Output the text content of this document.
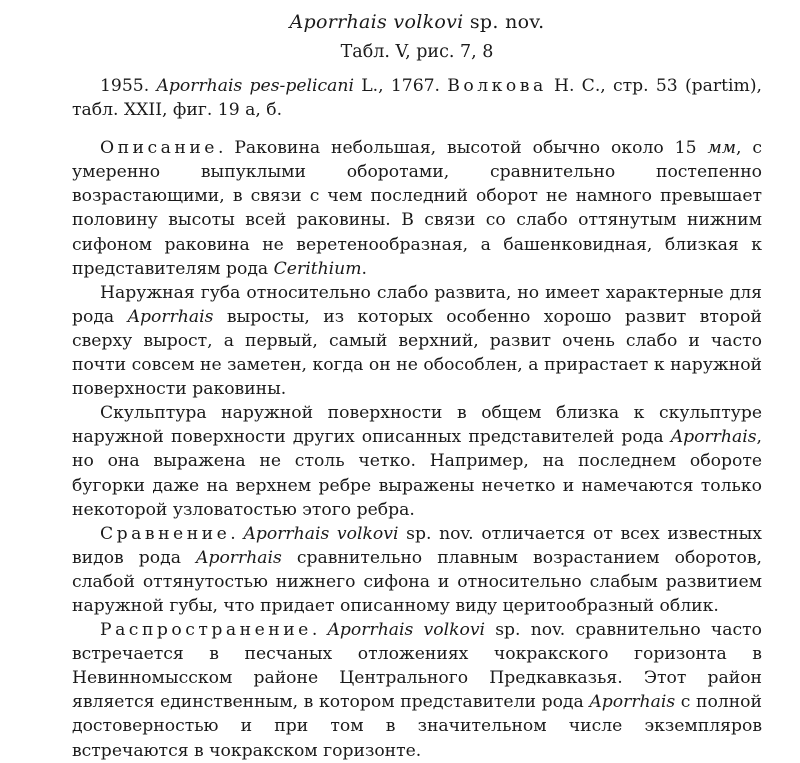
Aporrhais volkovi sp. nov.

Табл. V, рис. 7, 8

1955. Aporrhais pes-pelicani L., 1767. Волкова Н. С., стр. 53 (partim), табл. XXII, фиг. 19 а, б.

Описание. Раковина небольшая, высотой обычно около 15 мм, с умеренно выпуклыми оборотами, сравнительно постепенно возрастающими, в связи с чем последний оборот не намного превышает половину высоты всей раковины. В связи со слабо оттянутым нижним сифоном раковина не веретенообразная, а башенковидная, близкая к представителям рода Cerithium.

Наружная губа относительно слабо развита, но имеет характерные для рода Aporrhais выросты, из которых особенно хорошо развит второй сверху вырост, а первый, самый верхний, развит очень слабо и часто почти совсем не заметен, когда он не обособлен, а прирастает к наружной поверхности раковины.

Скульптура наружной поверхности в общем близка к скульптуре наружной поверхности других описанных представителей рода Aporrhais, но она выражена не столь четко. Например, на последнем обороте бугорки даже на верхнем ребре выражены нечетко и намечаются только некоторой узловатостью этого ребра.

Сравнение. Aporrhais volkovi sp. nov. отличается от всех известных видов рода Aporrhais сравнительно плавным возрастанием оборотов, слабой оттянутостью нижнего сифона и относительно слабым развитием наружной губы, что придает описанному виду церитообразный облик.

Распространение. Aporrhais volkovi sp. nov. сравнительно часто встречается в песчаных отложениях чокракского горизонта в Невинномысском районе Центрального Предкавказья. Этот район является единственным, в котором представители рода Aporrhais с полной достоверностью и при том в значительном числе экземпляров встречаются в чокракском горизонте.
